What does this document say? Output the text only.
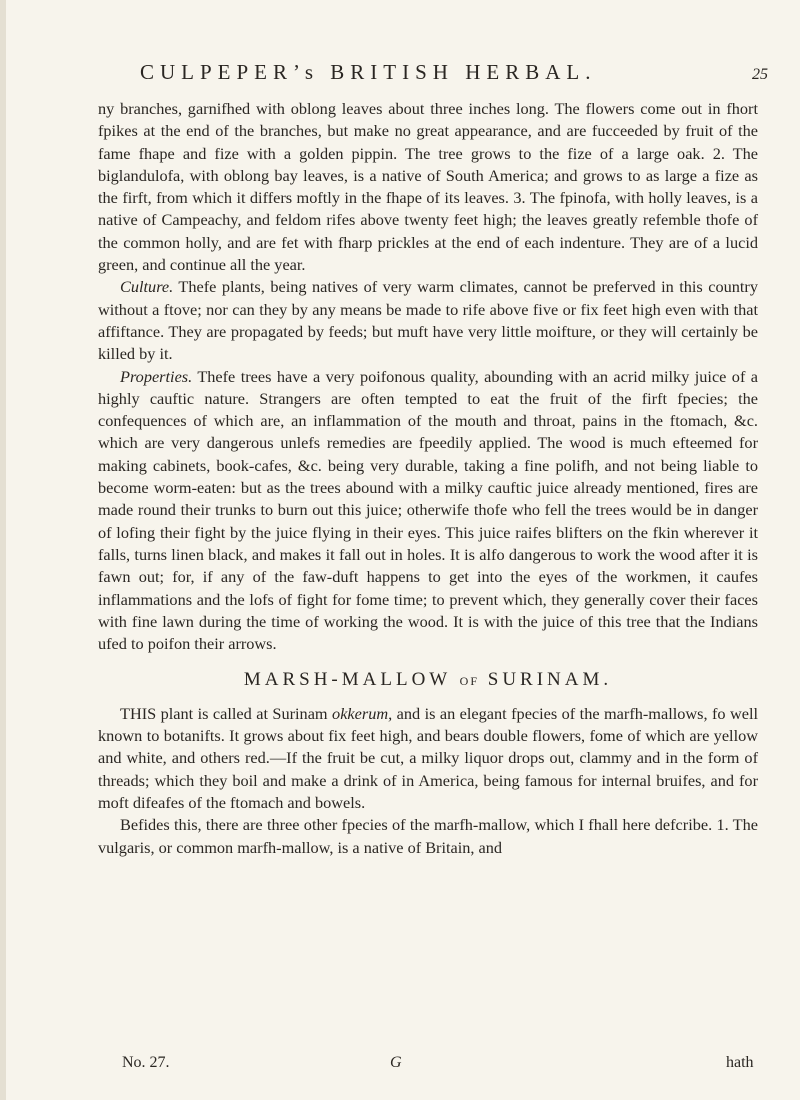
CULPEPER’s BRITISH HERBAL.	25

ny branches, garnifhed with oblong leaves about three inches long. The flowers come out in fhort fpikes at the end of the branches, but make no great appearance, and are fucceeded by fruit of the fame fhape and fize with a golden pippin. The tree grows to the fize of a large oak. 2. The biglandulofa, with oblong bay leaves, is a native of South America; and grows to as large a fize as the firft, from which it differs moftly in the fhape of its leaves. 3. The fpinofa, with holly leaves, is a native of Campeachy, and feldom rifes above twenty feet high; the leaves greatly refemble thofe of the common holly, and are fet with fharp prickles at the end of each indenture. They are of a lucid green, and continue all the year.

Culture. Thefe plants, being natives of very warm climates, cannot be preferved in this country without a ftove; nor can they by any means be made to rife above five or fix feet high even with that affiftance. They are propagated by feeds; but muft have very little moifture, or they will certainly be killed by it.

Properties. Thefe trees have a very poifonous quality, abounding with an acrid milky juice of a highly cauftic nature. Strangers are often tempted to eat the fruit of the firft fpecies; the confequences of which are, an inflammation of the mouth and throat, pains in the ftomach, &c. which are very dangerous unlefs remedies are fpeedily applied. The wood is much efteemed for making cabinets, book-cafes, &c. being very durable, taking a fine polifh, and not being liable to become worm-eaten: but as the trees abound with a milky cauftic juice already mentioned, fires are made round their trunks to burn out this juice; otherwife thofe who fell the trees would be in danger of lofing their fight by the juice flying in their eyes. This juice raifes blifters on the fkin wherever it falls, turns linen black, and makes it fall out in holes. It is alfo dangerous to work the wood after it is fawn out; for, if any of the faw-duft happens to get into the eyes of the workmen, it caufes inflammations and the lofs of fight for fome time; to prevent which, they generally cover their faces with fine lawn during the time of working the wood. It is with the juice of this tree that the Indians ufed to poifon their arrows.

MARSH-MALLOW OF SURINAM.

THIS plant is called at Surinam okkerum, and is an elegant fpecies of the marfh-mallows, fo well known to botanifts. It grows about fix feet high, and bears double flowers, fome of which are yellow and white, and others red.—If the fruit be cut, a milky liquor drops out, clammy and in the form of threads; which they boil and make a drink of in America, being famous for internal bruifes, and for moft difeafes of the ftomach and bowels.

Befides this, there are three other fpecies of the marfh-mallow, which I fhall here defcribe. 1. The vulgaris, or common marfh-mallow, is a native of Britain, and

No. 27.	G	hath
